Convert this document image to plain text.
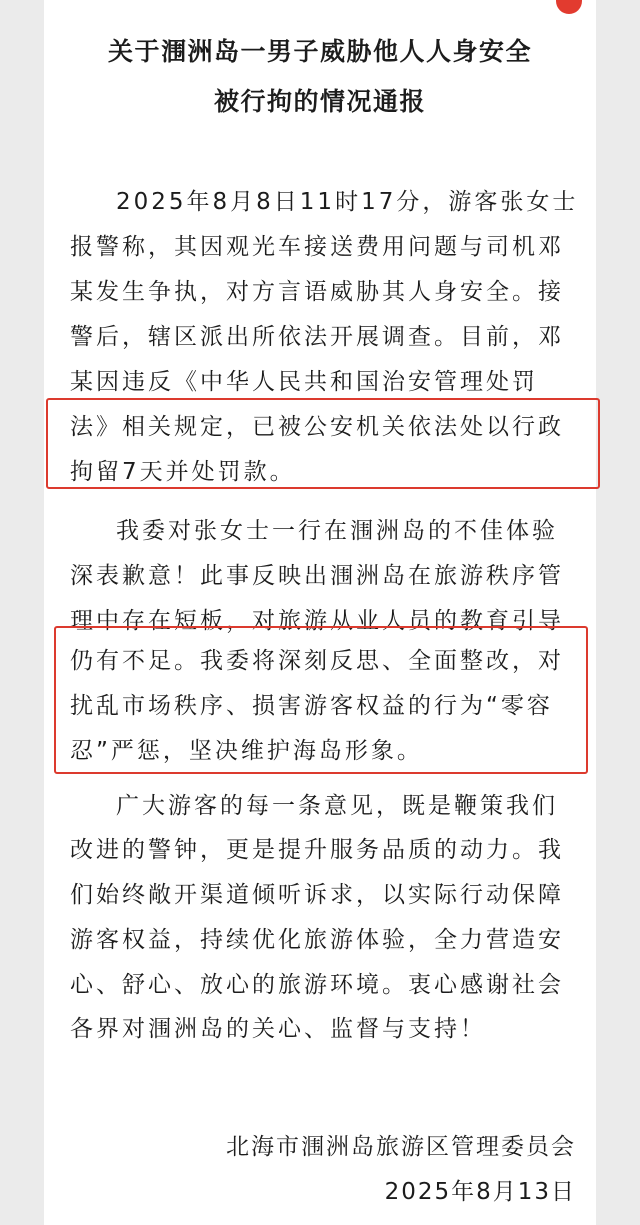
关于涠洲岛一男子威胁他人人身安全
被行拘的情况通报
2025年8月8日11时17分，游客张女士
报警称，其因观光车接送费用问题与司机邓
某发生争执，对方言语威胁其人身安全。接
警后，辖区派出所依法开展调查。目前，邓
某因违反《中华人民共和国治安管理处罚
法》相关规定，已被公安机关依法处以行政
拘留7天并处罚款。
我委对张女士一行在涠洲岛的不佳体验
深表歉意！此事反映出涠洲岛在旅游秩序管
理中存在短板，对旅游从业人员的教育引导
仍有不足。我委将深刻反思、全面整改，对
扰乱市场秩序、损害游客权益的行为“零容
忍”严惩，坚决维护海岛形象。
广大游客的每一条意见，既是鞭策我们
改进的警钟，更是提升服务品质的动力。我
们始终敞开渠道倾听诉求，以实际行动保障
游客权益，持续优化旅游体验，全力营造安
心、舒心、放心的旅游环境。衷心感谢社会
各界对涠洲岛的关心、监督与支持！
北海市涠洲岛旅游区管理委员会
2025年8月13日
